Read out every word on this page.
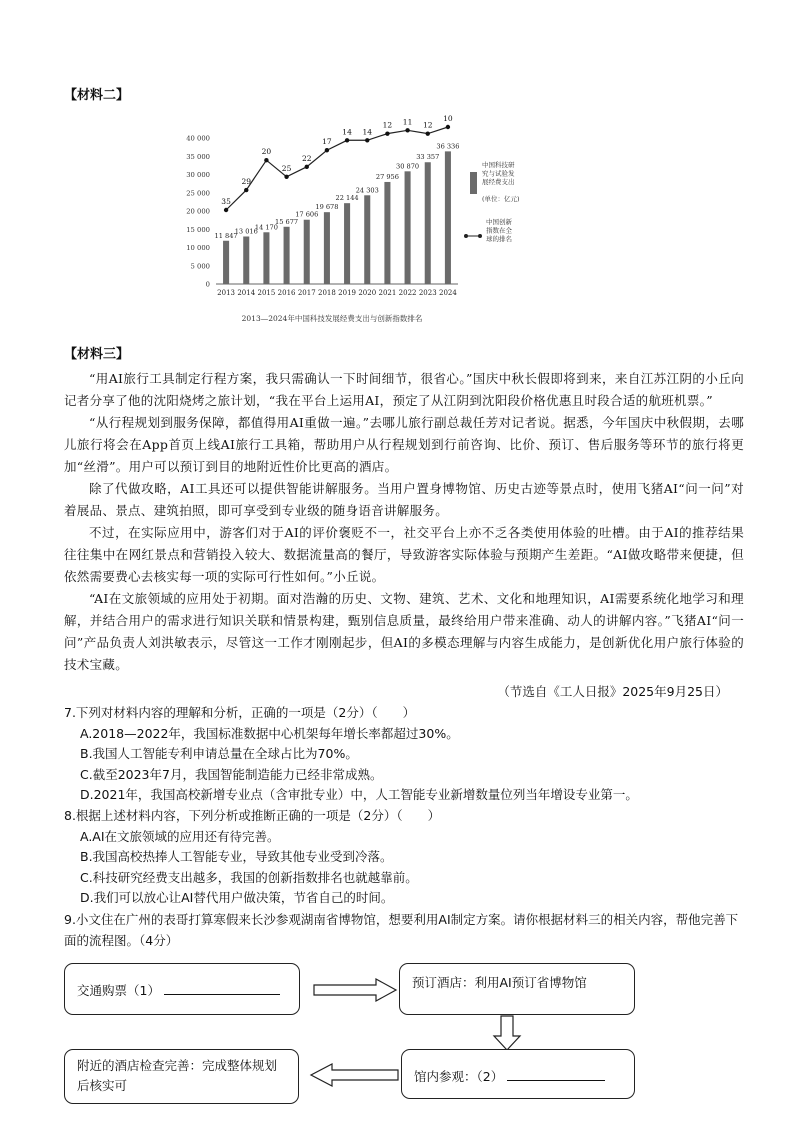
【材料二】
40 000
35 000
30 000
25 000
20 000
15 000
10 000
5 000
0
11 847
13 016
14 170
15 677
17 606
19 678
22 144
24 303
27 956
30 870
33 357
36 336
35
29
20
25
22
17
14 14
12 11 12
10
2013 2014 2015 2016 2017 2018 2019 2020 2021 2022 2023 2024
中国科技研究与试验发展经费支出
(单位：亿元)
中国创新指数在全球的排名
2013—2024年中国科技发展经费支出与创新指数排名
【材料三】

“用AI旅行工具制定行程方案，我只需确认一下时间细节，很省心。”国庆中秋长假即将到来，来自江苏江阴的小丘向记者分享了他的沈阳烧烤之旅计划，“我在平台上运用AI，预定了从江阴到沈阳段价格优惠且时段合适的航班机票。”

“从行程规划到服务保障，都值得用AI重做一遍。”去哪儿旅行副总裁任芳对记者说。据悉，今年国庆中秋假期，去哪儿旅行将会在App首页上线AI旅行工具箱，帮助用户从行程规划到行前咨询、比价、预订、售后服务等环节的旅行将更加“丝滑”。用户可以预订到目的地附近性价比更高的酒店。

除了代做攻略，AI工具还可以提供智能讲解服务。当用户置身博物馆、历史古迹等景点时，使用飞猪AI“问一问”对着展品、景点、建筑拍照，即可享受到专业级的随身语音讲解服务。

不过，在实际应用中，游客们对于AI的评价褒贬不一，社交平台上亦不乏各类使用体验的吐槽。由于AI的推荐结果往往集中在网红景点和营销投入较大、数据流量高的餐厅，导致游客实际体验与预期产生差距。“AI做攻略带来便捷，但依然需要费心去核实每一项的实际可行性如何。”小丘说。

“AI在文旅领域的应用处于初期。面对浩瀚的历史、文物、建筑、艺术、文化和地理知识，AI需要系统化地学习和理解，并结合用户的需求进行知识关联和情景构建，甄别信息质量，最终给用户带来准确、动人的讲解内容。”飞猪AI“问一问”产品负责人刘洪敏表示，尽管这一工作才刚刚起步，但AI的多模态理解与内容生成能力，是创新优化用户旅行体验的技术宝藏。

（节选自《工人日报》2025年9月25日）
7.下列对材料内容的理解和分析，正确的一项是（2分）（　　）
A.2018—2022年，我国标准数据中心机架每年增长率都超过30%。
B.我国人工智能专利申请总量在全球占比为70%。
C.截至2023年7月，我国智能制造能力已经非常成熟。
D.2021年，我国高校新增专业点（含审批专业）中，人工智能专业新增数量位列当年增设专业第一。
8.根据上述材料内容，下列分析或推断正确的一项是（2分）（　　）
A.AI在文旅领域的应用还有待完善。
B.我国高校热捧人工智能专业，导致其他专业受到冷落。
C.科技研究经费支出越多，我国的创新指数排名也就越靠前。
D.我们可以放心让AI替代用户做决策，节省自己的时间。
9.小文住在广州的表哥打算寒假来长沙参观湖南省博物馆，想要利用AI制定方案。请你根据材料三的相关内容，帮他完善下面的流程图。（4分）
交通购票（1）
预订酒店：利用AI预订省博物馆
馆内参观：（2）
附近的酒店检查完善：完成整体规划后核实可
